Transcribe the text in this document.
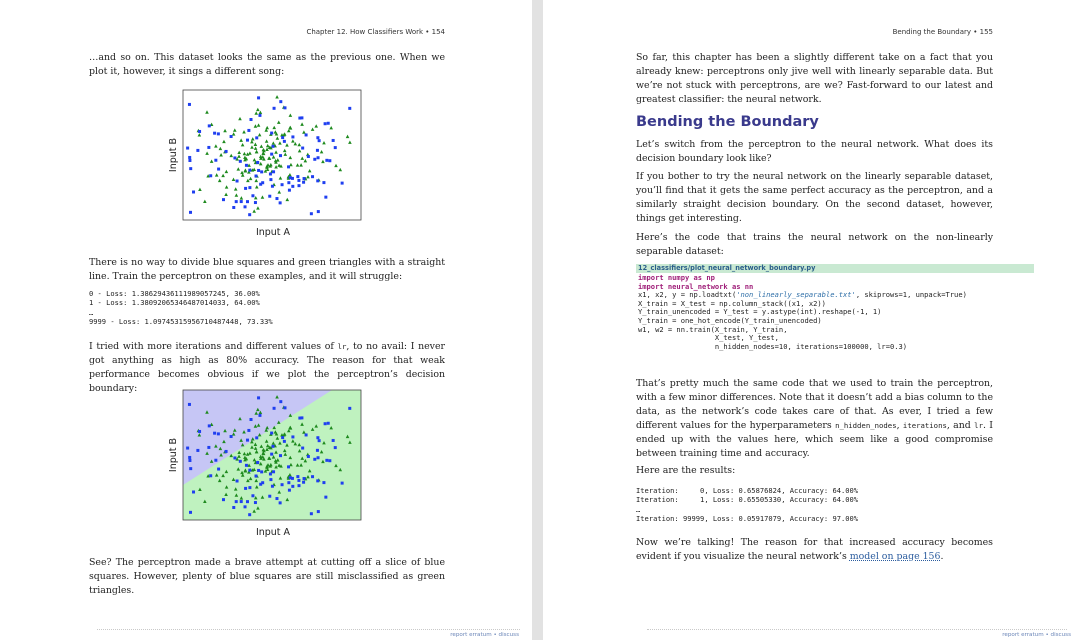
Chapter 12. How Classifiers Work • 154

…and so on. This dataset looks the same as the previous one. When we plot it, however, it sings a different song:

Input A
Input B

There is no way to divide blue squares and green triangles with a straight line. Train the perceptron on these examples, and it will struggle:

0 - Loss: 1.386294361119890​57245, 36.00%
1 - Loss: 1.38092065346487014033, 64.00%
…
9999 - Loss: 1.09745315956710487448, 73.33%

I tried with more iterations and different values of lr, to no avail: I never got anything as high as 80% accuracy. The reason for that weak performance becomes obvious if we plot the perceptron’s decision boundary:

Input A
Input B

See? The perceptron made a brave attempt at cutting off a slice of blue squares. However, plenty of blue squares are still misclassified as green triangles.

report erratum • discuss
Bending the Boundary • 155

So far, this chapter has been a slightly different take on a fact that you already knew: perceptrons only jive well with linearly separable data. But we’re not stuck with perceptrons, are we? Fast-forward to our latest and greatest classifier: the neural network.

Bending the Boundary

Let’s switch from the perceptron to the neural network. What does its decision boundary look like?

If you bother to try the neural network on the linearly separable dataset, you’ll find that it gets the same perfect accuracy as the perceptron, and a similarly straight decision boundary. On the second dataset, however, things get interesting.

Here’s the code that trains the neural network on the non-linearly separable dataset:

12_classifiers/plot_neural_network_boundary.py
import numpy as np
import neural_network as nn
x1, x2, y = np.loadtxt('non_linearly_separable.txt', skiprows=1, unpack=True)
X_train = X_test = np.column_stack((x1, x2))
Y_train_unencoded = Y_test = y.astype(int).reshape(-1, 1)
Y_train = one_hot_encode(Y_train_unencoded)
w1, w2 = nn.train(X_train, Y_train,
X_test, Y_test,
n_hidden_nodes=10, iterations=100000, lr=0.3)

That’s pretty much the same code that we used to train the perceptron, with a few minor differences. Note that it doesn’t add a bias column to the data, as the network’s code takes care of that. As ever, I tried a few different values for the hyperparameters n_hidden_nodes, iterations, and lr. I ended up with the values here, which seem like a good compromise between training time and accuracy.

Here are the results:

Iteration:     0, Loss: 0.65876824, Accuracy: 64.00%
Iteration:     1, Loss: 0.65505330, Accuracy: 64.00%
…
Iteration: 99999, Loss: 0.05917079, Accuracy: 97.00%

Now we’re talking! The reason for that increased accuracy becomes evident if you visualize the neural network’s model on page 156.

report erratum • discuss
